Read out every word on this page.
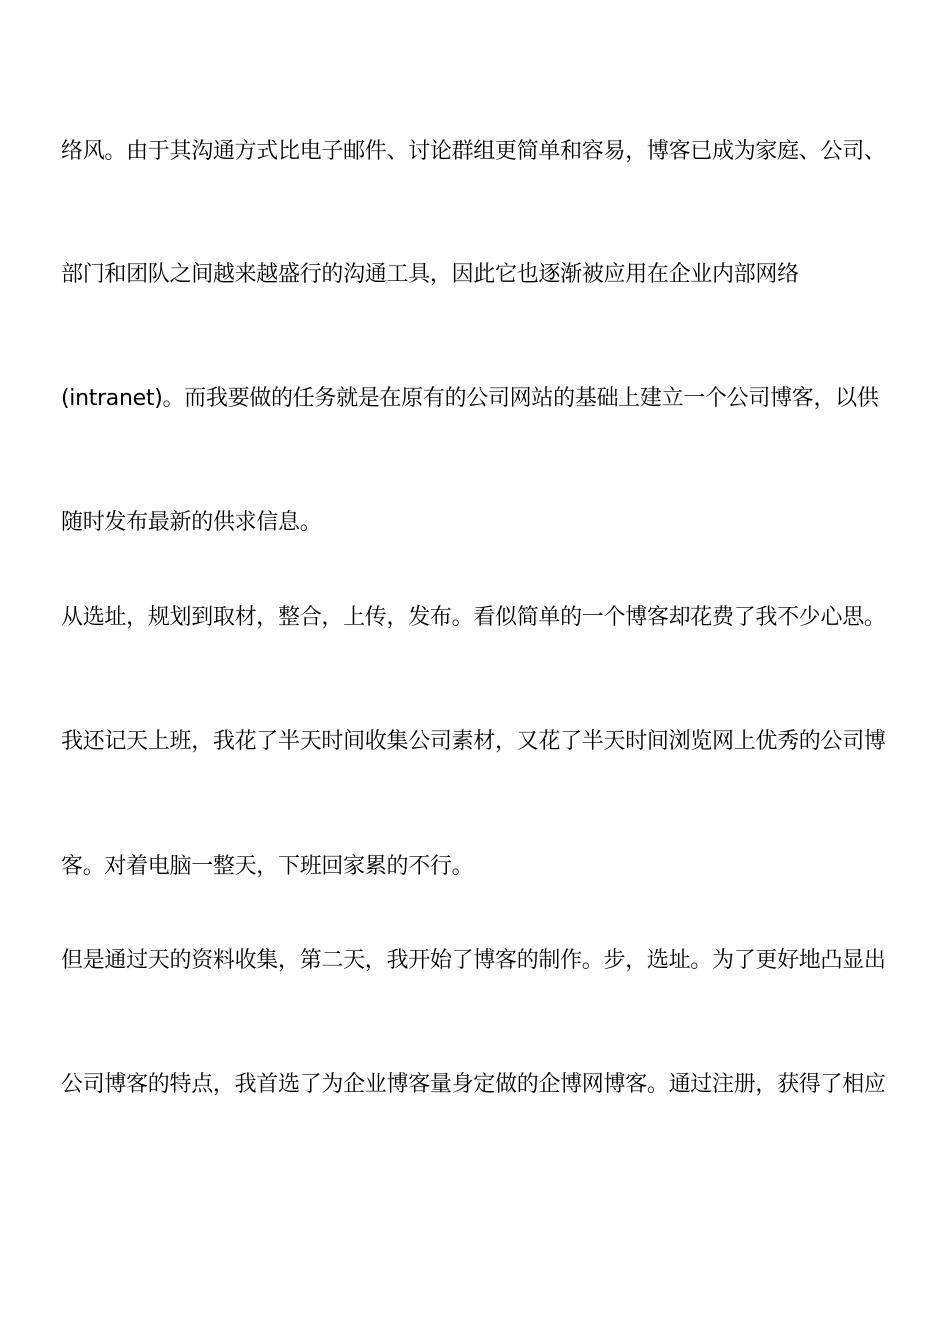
络风。由于其沟通方式比电子邮件、讨论群组更简单和容易，博客已成为家庭、公司、
部门和团队之间越来越盛行的沟通工具，因此它也逐渐被应用在企业内部网络
(intranet)。而我要做的任务就是在原有的公司网站的基础上建立一个公司博客，以供
随时发布最新的供求信息。
从选址，规划到取材，整合，上传，发布。看似简单的一个博客却花费了我不少心思。
我还记天上班，我花了半天时间收集公司素材，又花了半天时间浏览网上优秀的公司博
客。对着电脑一整天，下班回家累的不行。
但是通过天的资料收集，第二天，我开始了博客的制作。步，选址。为了更好地凸显出
公司博客的特点，我首选了为企业博客量身定做的企博网博客。通过注册，获得了相应
